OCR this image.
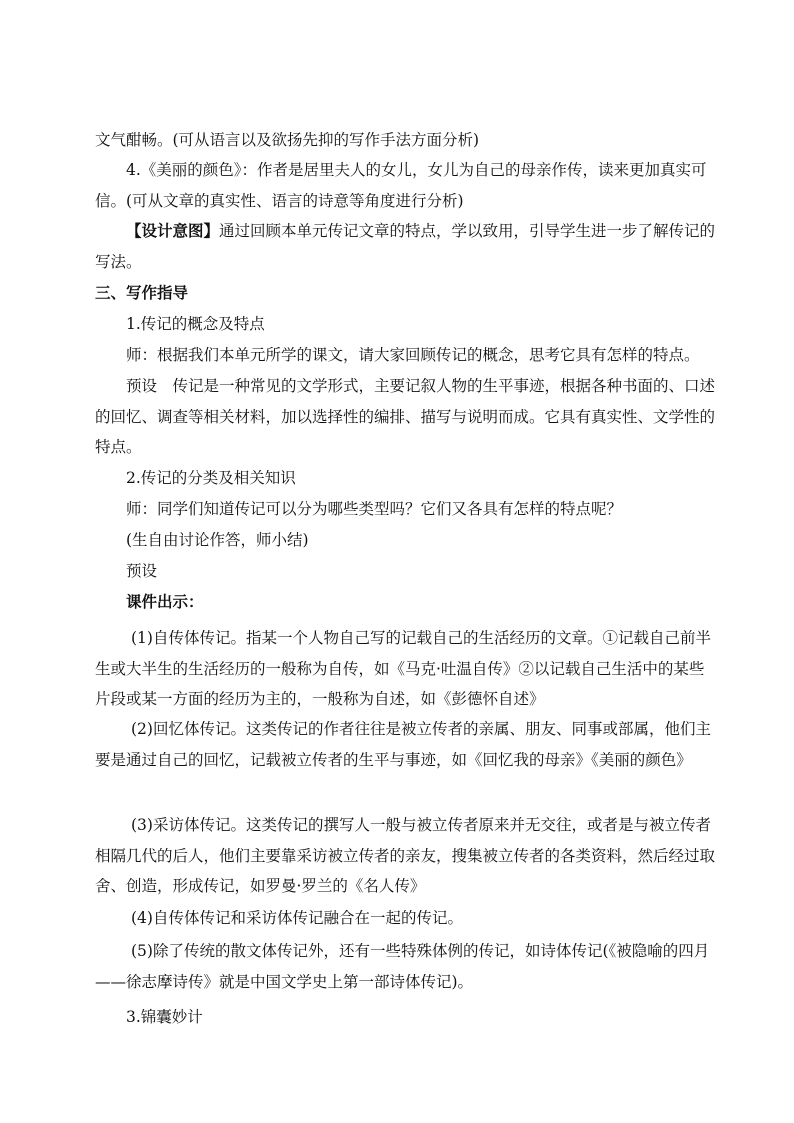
文气酣畅。(可从语言以及欲扬先抑的写作手法方面分析)

4.《美丽的颜色》：作者是居里夫人的女儿，女儿为自己的母亲作传，读来更加真实可信。(可从文章的真实性、语言的诗意等角度进行分析)

【设计意图】通过回顾本单元传记文章的特点，学以致用，引导学生进一步了解传记的写法。

三、写作指导

1.传记的概念及特点

师：根据我们本单元所学的课文，请大家回顾传记的概念，思考它具有怎样的特点。

预设　传记是一种常见的文学形式，主要记叙人物的生平事迹，根据各种书面的、口述的回忆、调查等相关材料，加以选择性的编排、描写与说明而成。它具有真实性、文学性的特点。

2.传记的分类及相关知识

师：同学们知道传记可以分为哪些类型吗？它们又各具有怎样的特点呢？

(生自由讨论作答，师小结)

预设

课件出示：

(1)自传体传记。指某一个人物自己写的记载自己的生活经历的文章。①记载自己前半生或大半生的生活经历的一般称为自传，如《马克·吐温自传》②以记载自己生活中的某些片段或某一方面的经历为主的，一般称为自述，如《彭德怀自述》

(2)回忆体传记。这类传记的作者往往是被立传者的亲属、朋友、同事或部属，他们主要是通过自己的回忆，记载被立传者的生平与事迹，如《回忆我的母亲》《美丽的颜色》

(3)采访体传记。这类传记的撰写人一般与被立传者原来并无交往，或者是与被立传者相隔几代的后人，他们主要靠采访被立传者的亲友，搜集被立传者的各类资料，然后经过取舍、创造，形成传记，如罗曼·罗兰的《名人传》

(4)自传体传记和采访体传记融合在一起的传记。

(5)除了传统的散文体传记外，还有一些特殊体例的传记，如诗体传记(《被隐喻的四月——徐志摩诗传》就是中国文学史上第一部诗体传记)。

3.锦囊妙计
